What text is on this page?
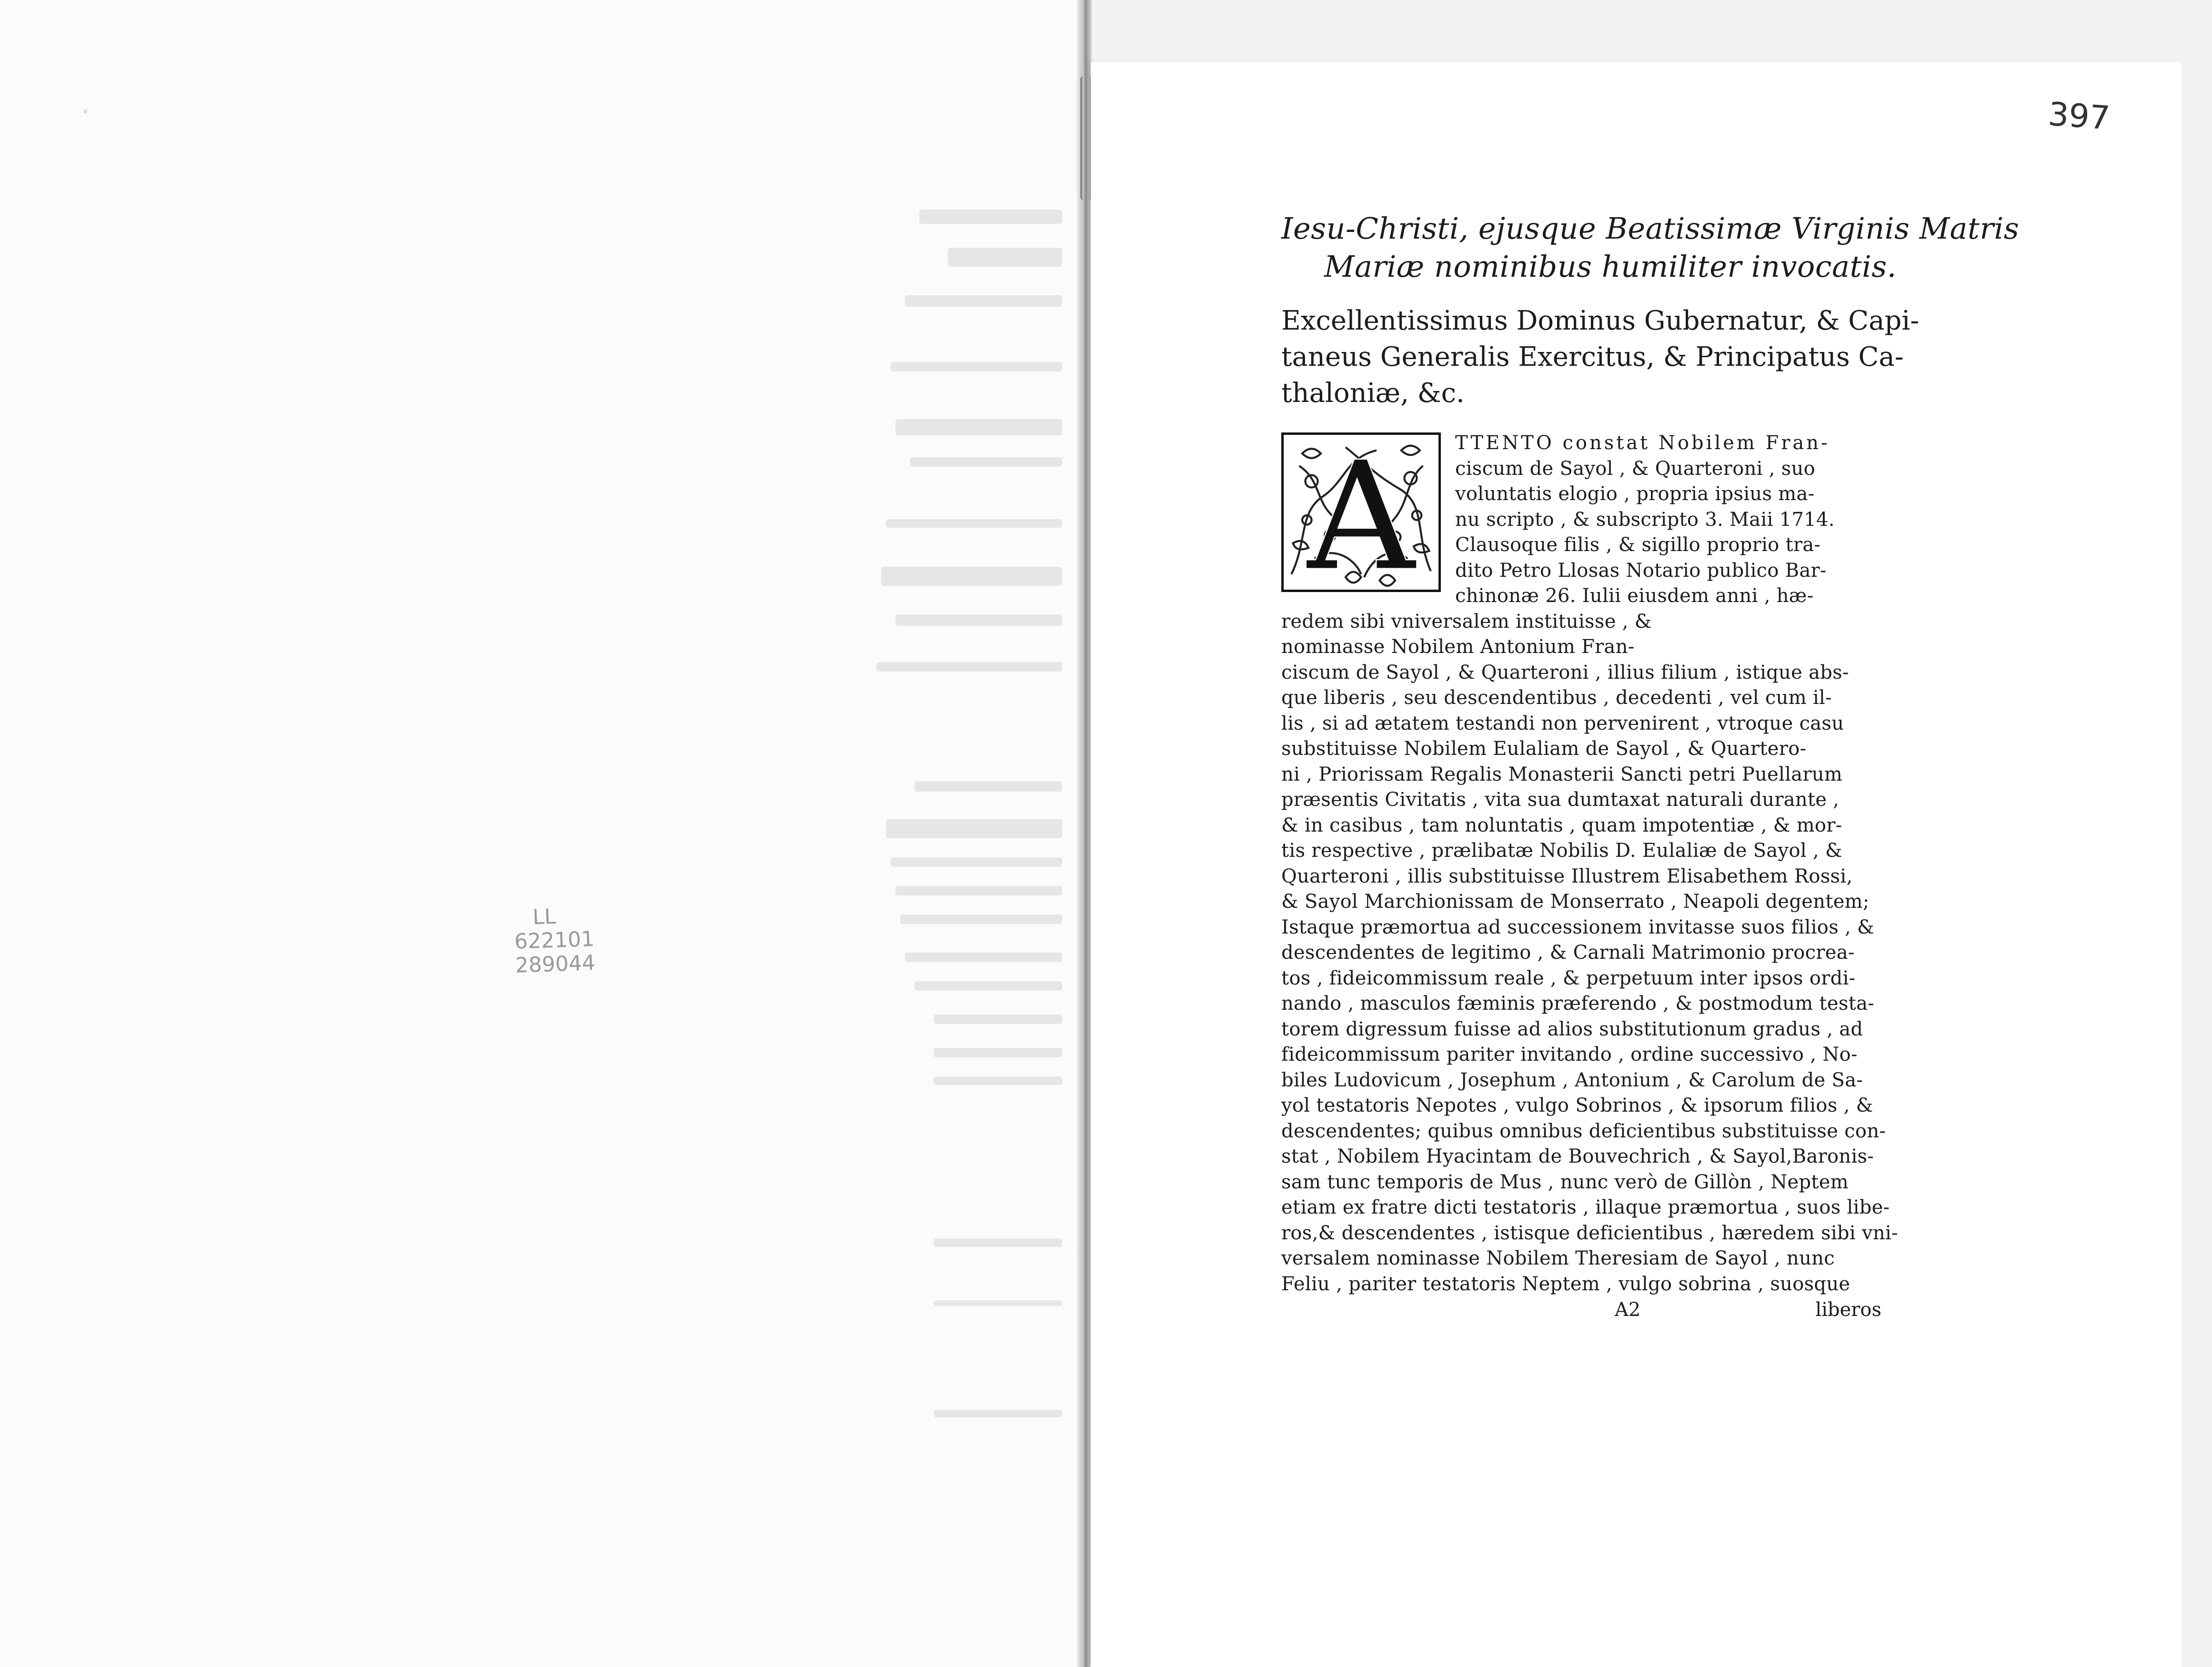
·
LL
622101
289044
397
Iesu-Christi, ejusque Beatissimæ Virginis Matris
Mariæ nominibus humiliter invocatis.
Excellentissimus Dominus Gubernatur, & Capi-
taneus Generalis Exercitus, & Principatus Ca-
thaloniæ, &c.
A	TTENTO constat Nobilem Fran-
ciscum de Sayol , & Quarteroni , suo
voluntatis elogio , propria ipsius ma-
nu scripto , & subscripto 3. Maii 1714.
Clausoque filis , & sigillo proprio tra-
dito Petro Llosas Notario publico Bar-
chinonæ 26. Iulii eiusdem anni , hæ-
redem sibi vniversalem instituisse , &
nominasse Nobilem Antonium Fran-
ciscum de Sayol , & Quarteroni , illius filium , istique abs-
que liberis , seu descendentibus , decedenti , vel cum il-
lis , si ad ætatem testandi non pervenirent , vtroque casu
substituisse Nobilem Eulaliam de Sayol , & Quartero-
ni , Priorissam Regalis Monasterii Sancti petri Puellarum
præsentis Civitatis , vita sua dumtaxat naturali durante ,
& in casibus , tam noluntatis , quam impotentiæ , & mor-
tis respective , prælibatæ Nobilis D. Eulaliæ de Sayol , &
Quarteroni , illis substituisse Illustrem Elisabethem Rossi,
& Sayol Marchionissam de Monserrato , Neapoli degentem;
Istaque præmortua ad successionem invitasse suos filios , &
descendentes de legitimo , & Carnali Matrimonio procrea-
tos , fideicommissum reale , & perpetuum inter ipsos ordi-
nando , masculos fæminis præferendo , & postmodum testa-
torem digressum fuisse ad alios substitutionum gradus , ad
fideicommissum pariter invitando , ordine successivo , No-
biles Ludovicum , Josephum , Antonium , & Carolum de Sa-
yol testatoris Nepotes , vulgo Sobrinos , & ipsorum filios , &
descendentes; quibus omnibus deficientibus substituisse con-
stat , Nobilem Hyacintam de Bouvechrich , & Sayol,Baronis-
sam tunc temporis de Mus , nunc verò de Gillòn , Neptem
etiam ex fratre dicti testatoris , illaque præmortua , suos libe-
ros,& descendentes , istisque deficientibus , hæredem sibi vni-
versalem nominasse Nobilem Theresiam de Sayol , nunc
Feliu , pariter testatoris Neptem , vulgo sobrina , suosque
A2	liberos
